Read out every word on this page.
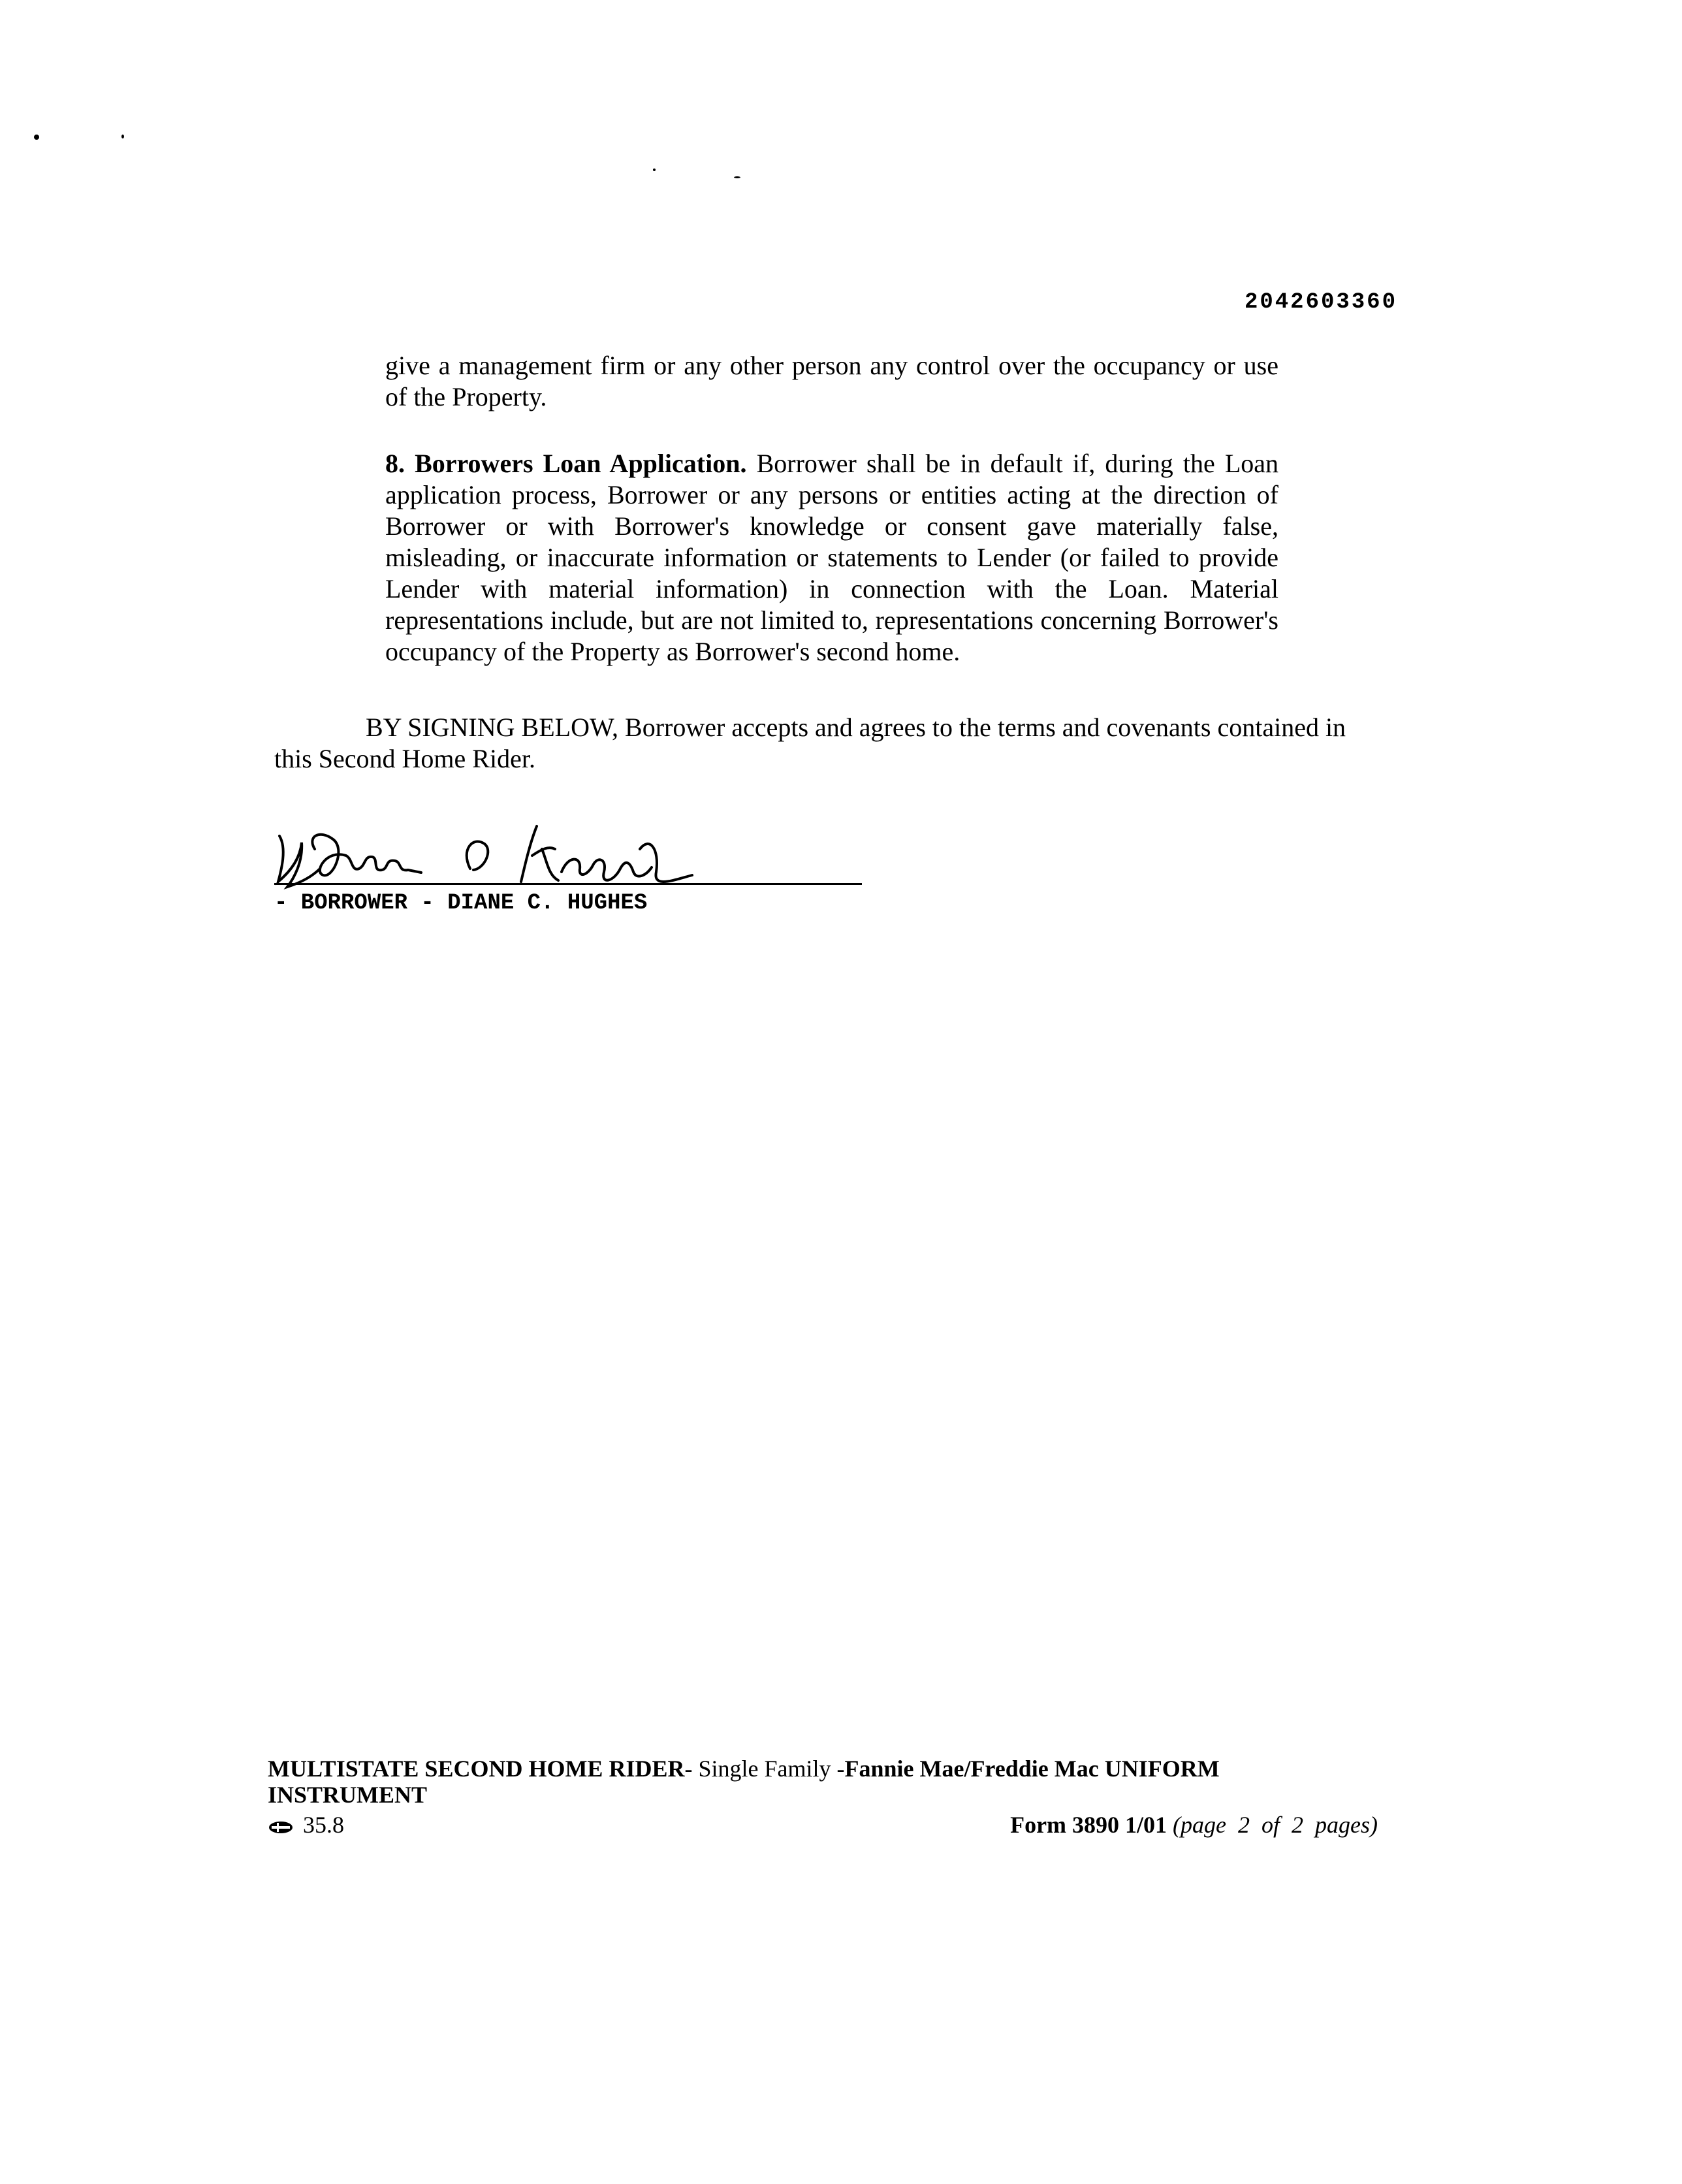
2042603360
give a management firm or any other person any control over the occupancy or use of the Property.
8. Borrowers Loan Application. Borrower shall be in default if, during the Loan application process, Borrower or any persons or entities acting at the direction of Borrower or with Borrower's knowledge or consent gave materially false, misleading, or inaccurate information or statements to Lender (or failed to provide Lender with material information) in connection with the Loan. Material representations include, but are not limited to, representations concerning Borrower's occupancy of the Property as Borrower's second home.
BY SIGNING BELOW, Borrower accepts and agrees to the terms and covenants contained in this Second Home Rider.
- BORROWER - DIANE C. HUGHES
MULTISTATE SECOND HOME RIDER- Single Family -Fannie Mae/Freddie Mac UNIFORM INSTRUMENT
35.8	Form 3890 1/01 (page  2  of  2  pages)
